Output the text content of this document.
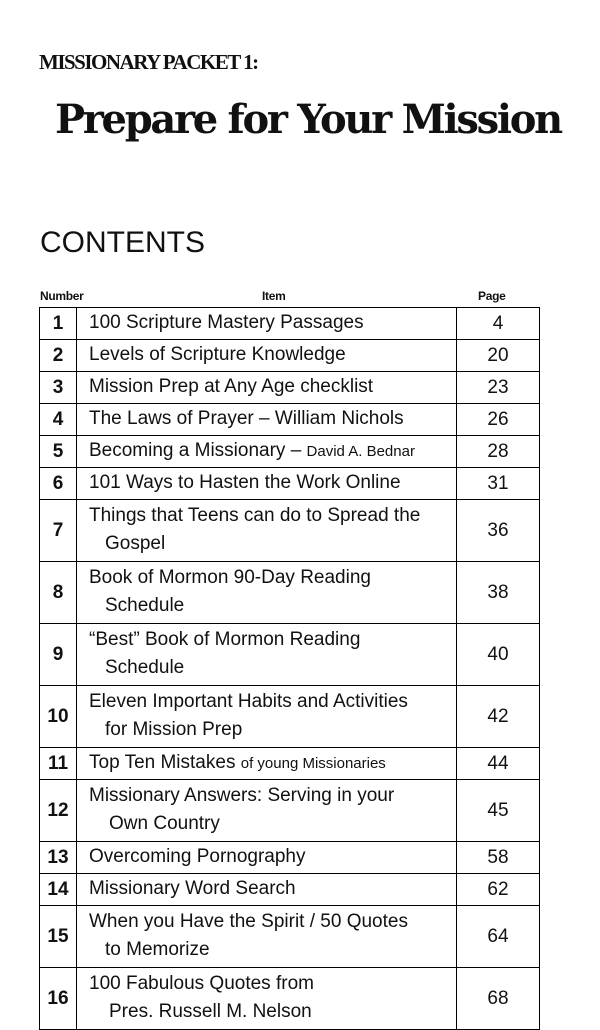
MISSIONARY PACKET 1:
Prepare for Your Mission
CONTENTS
Number	Item	Page
1	100 Scripture Mastery Passages	4
2	Levels of Scripture Knowledge	20
3	Mission Prep at Any Age checklist	23
4	The Laws of Prayer – William Nichols	26
5	Becoming a Missionary – David A. Bednar	28
6	101 Ways to Hasten the Work Online	31
7	Things that Teens can do to Spread the
Gospel	36
8	Book of Mormon 90-Day Reading
Schedule	38
9	“Best” Book of Mormon Reading
Schedule	40
10	Eleven Important Habits and Activities
for Mission Prep	42
11	Top Ten Mistakes of young Missionaries	44
12	Missionary Answers: Serving in your
Own Country	45
13	Overcoming Pornography	58
14	Missionary Word Search	62
15	When you Have the Spirit / 50 Quotes
to Memorize	64
16	100 Fabulous Quotes from
Pres. Russell M. Nelson	68
